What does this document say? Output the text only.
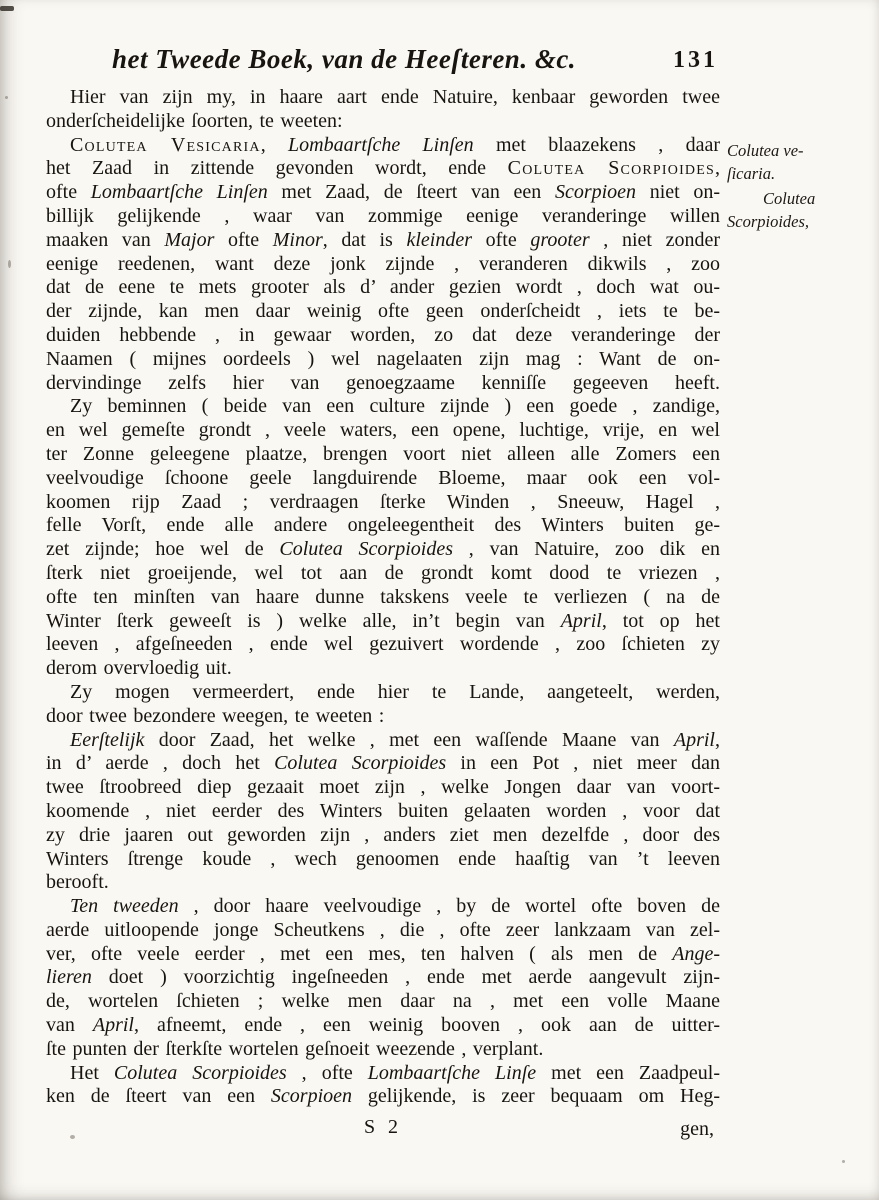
het Tweede Boek, van de Heeſteren. &c.	131
Hier van zijn my, in haare aart ende Natuire, kenbaar geworden twee
onderſcheidelijke ſoorten, te weeten:
Colutea Vesicaria, Lombaartſche Linſen met blaazekens , daar
het Zaad in zittende gevonden wordt, ende Colutea Scorpioides,
ofte Lombaartſche Linſen met Zaad, de ſteert van een Scorpioen niet on-
billijk gelijkende , waar van zommige eenige veranderinge willen
maaken van Major ofte Minor, dat is kleinder ofte grooter , niet zonder
eenige reedenen, want deze jonk zijnde , veranderen dikwils , zoo
dat de eene te mets grooter als d’ ander gezien wordt , doch wat ou-
der zijnde, kan men daar weinig ofte geen onderſcheidt , iets te be-
duiden hebbende , in gewaar worden, zo dat deze veranderinge der
Naamen ( mijnes oordeels ) wel nagelaaten zijn mag : Want de on-
dervindinge zelfs hier van genoegzaame kenniſſe gegeeven heeft.
Zy beminnen ( beide van een culture zijnde ) een goede , zandige,
en wel gemeſte grondt , veele waters, een opene, luchtige, vrije, en wel
ter Zonne geleegene plaatze, brengen voort niet alleen alle Zomers een
veelvoudige ſchoone geele langduirende Bloeme, maar ook een vol-
koomen rijp Zaad ; verdraagen ſterke Winden , Sneeuw, Hagel ,
felle Vorſt, ende alle andere ongeleegentheit des Winters buiten ge-
zet zijnde; hoe wel de Colutea Scorpioides , van Natuire, zoo dik en
ſterk niet groeijende, wel tot aan de grondt komt dood te vriezen ,
ofte ten minſten van haare dunne takskens veele te verliezen ( na de
Winter ſterk geweeſt is ) welke alle, in’t begin van April, tot op het
leeven , afgeſneeden , ende wel gezuivert wordende , zoo ſchieten zy
derom overvloedig uit.
Zy mogen vermeerdert, ende hier te Lande, aangeteelt, werden,
door twee bezondere weegen, te weeten :
Eerſtelijk door Zaad, het welke , met een waſſende Maane van April,
in d’ aerde , doch het Colutea Scorpioides in een Pot , niet meer dan
twee ſtroobreed diep gezaait moet zijn , welke Jongen daar van voort-
koomende , niet eerder des Winters buiten gelaaten worden , voor dat
zy drie jaaren out geworden zijn , anders ziet men dezelfde , door des
Winters ſtrenge koude , wech genoomen ende haaſtig van ’t leeven
berooft.
Ten tweeden , door haare veelvoudige , by de wortel ofte boven de
aerde uitloopende jonge Scheutkens , die , ofte zeer lankzaam van zel-
ver, ofte veele eerder , met een mes, ten halven ( als men de Ange-
lieren doet ) voorzichtig ingeſneeden , ende met aerde aangevult zijn-
de, wortelen ſchieten ; welke men daar na , met een volle Maane
van April, afneemt, ende , een weinig booven , ook aan de uitter-
ſte punten der ſterkſte wortelen geſnoeit weezende , verplant.
Het Colutea Scorpioides , ofte Lombaartſche Linſe met een Zaadpeul-
ken de ſteert van een Scorpioen gelijkende, is zeer bequaam om Heg-
Colutea ve-
ſicaria.
Colutea
Scorpioides,
S 2	gen,
